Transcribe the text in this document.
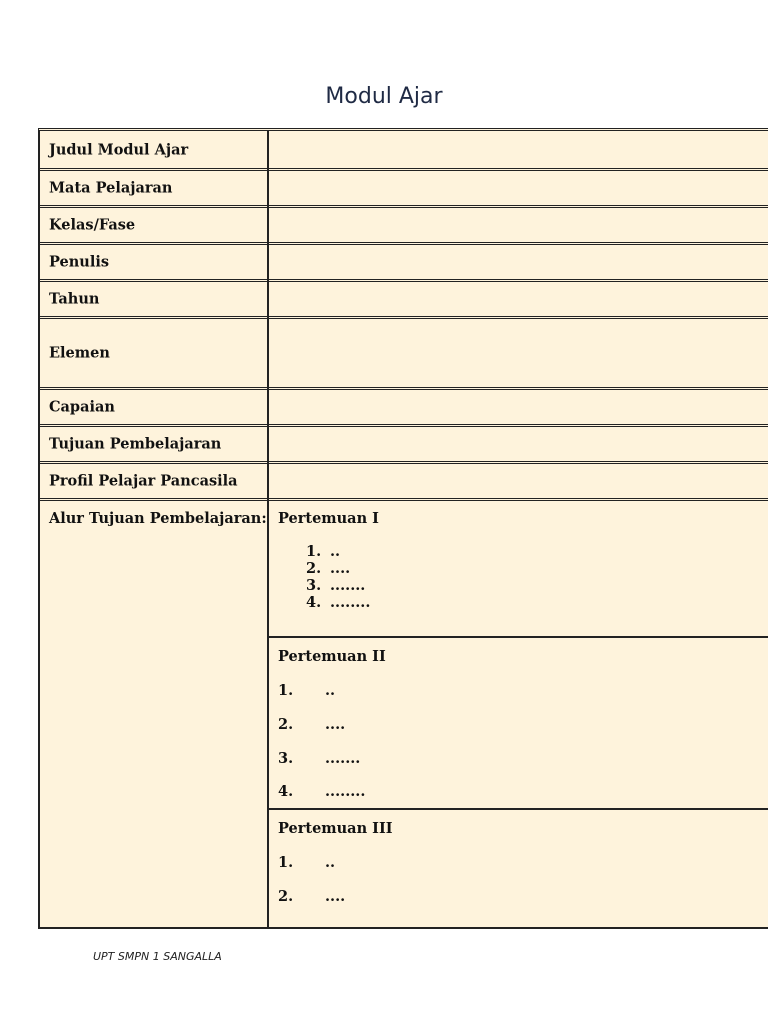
Modul Ajar
Judul Modul Ajar
Mata Pelajaran
Kelas/Fase
Penulis
Tahun
Elemen
Capaian
Tujuan Pembelajaran
Profil Pelajar Pancasila
Alur Tujuan Pembelajaran: Pertemuan I
1. ..
2. ....
3. .......
4. ........
Pertemuan II
1. ..
2. ....
3. .......
4. ........
Pertemuan III
1. ..
2. ....
UPT SMPN 1 SANGALLA
